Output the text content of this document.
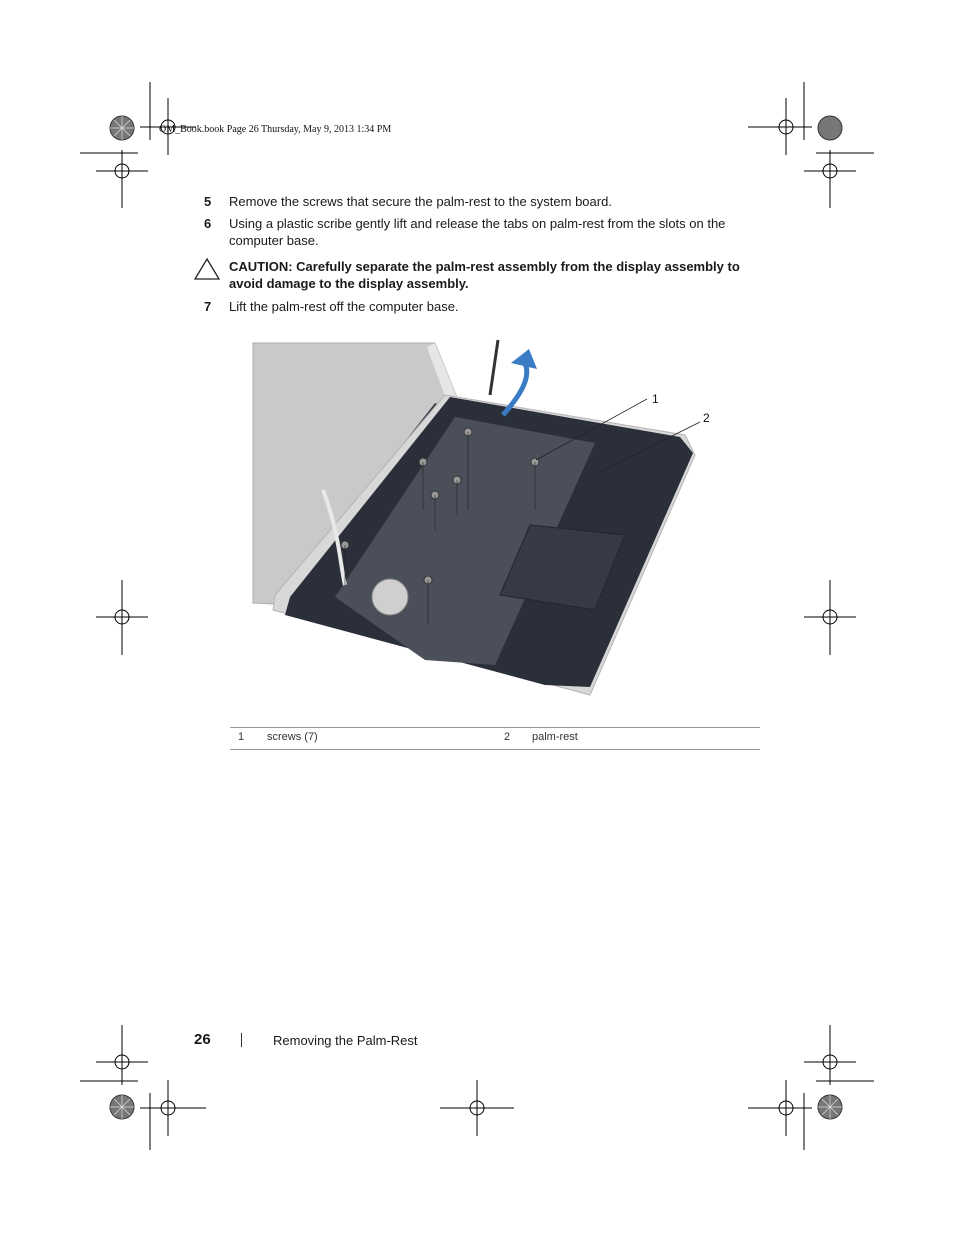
OM_Book.book Page 26 Thursday, May 9, 2013 1:34 PM
5	Remove the screws that secure the palm-rest to the system board.
6	Using a plastic scribe gently lift and release the tabs on palm-rest from the slots on the computer base.
CAUTION: Carefully separate the palm-rest assembly from the display assembly to avoid damage to the display assembly.
7	Lift the palm-rest off the computer base.
1
2
1 screws (7)	2 palm-rest
26	Removing the Palm-Rest
